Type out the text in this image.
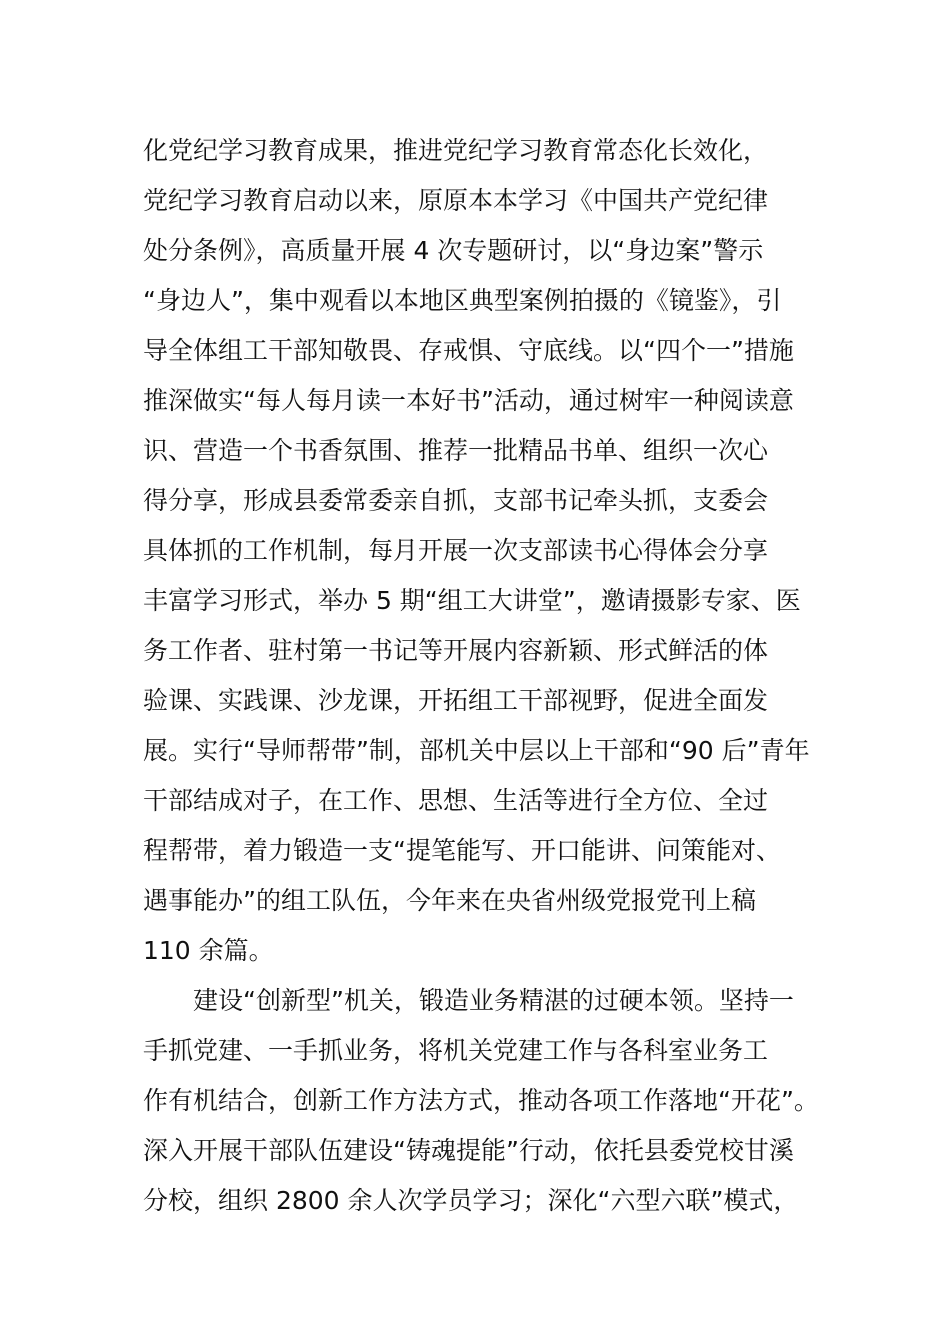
化党纪学习教育成果，推进党纪学习教育常态化长效化，
党纪学习教育启动以来，原原本本学习《中国共产党纪律
处分条例》，高质量开展 4 次专题研讨，以“身边案”警示
“身边人”，集中观看以本地区典型案例拍摄的《镜鉴》，引
导全体组工干部知敬畏、存戒惧、守底线。以“四个一”措施
推深做实“每人每月读一本好书”活动，通过树牢一种阅读意
识、营造一个书香氛围、推荐一批精品书单、组织一次心
得分享，形成县委常委亲自抓，支部书记牵头抓，支委会
具体抓的工作机制，每月开展一次支部读书心得体会分享
丰富学习形式，举办 5 期“组工大讲堂”，邀请摄影专家、医
务工作者、驻村第一书记等开展内容新颖、形式鲜活的体
验课、实践课、沙龙课，开拓组工干部视野，促进全面发
展。实行“导师帮带”制，部机关中层以上干部和“90 后”青年
干部结成对子，在工作、思想、生活等进行全方位、全过
程帮带，着力锻造一支“提笔能写、开口能讲、问策能对、
遇事能办”的组工队伍，今年来在央省州级党报党刊上稿
110 余篇。
建设“创新型”机关，锻造业务精湛的过硬本领。坚持一
手抓党建、一手抓业务，将机关党建工作与各科室业务工
作有机结合，创新工作方法方式，推动各项工作落地“开花”。
深入开展干部队伍建设“铸魂提能”行动，依托县委党校甘溪
分校，组织 2800 余人次学员学习；深化“六型六联”模式，
